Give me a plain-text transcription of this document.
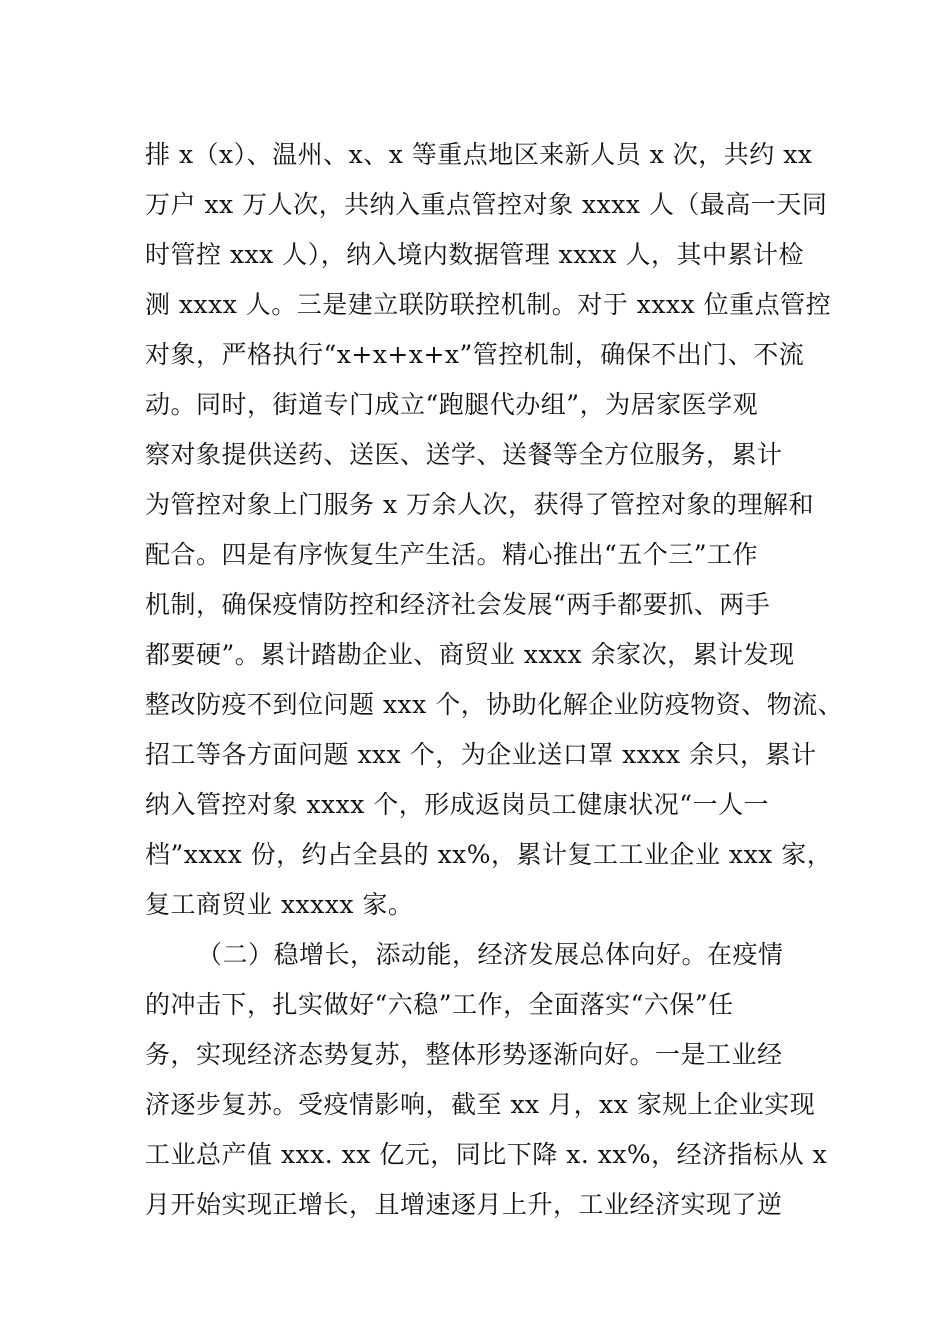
排 x（x）、温州、x、x 等重点地区来新人员 x 次，共约 xx
万户 xx 万人次，共纳入重点管控对象 xxxx 人（最高一天同
时管控 xxx 人），纳入境内数据管理 xxxx 人，其中累计检
测 xxxx 人。三是建立联防联控机制。对于 xxxx 位重点管控
对象，严格执行“x+x+x+x”管控机制，确保不出门、不流
动。同时，街道专门成立“跑腿代办组”，为居家医学观
察对象提供送药、送医、送学、送餐等全方位服务，累计
为管控对象上门服务 x 万余人次，获得了管控对象的理解和
配合。四是有序恢复生产生活。精心推出“五个三”工作
机制，确保疫情防控和经济社会发展“两手都要抓、两手
都要硬”。累计踏勘企业、商贸业 xxxx 余家次，累计发现
整改防疫不到位问题 xxx 个，协助化解企业防疫物资、物流、
招工等各方面问题 xxx 个，为企业送口罩 xxxx 余只，累计
纳入管控对象 xxxx 个，形成返岗员工健康状况“一人一
档”xxxx 份，约占全县的 xx%，累计复工工业企业 xxx 家，
复工商贸业 xxxxx 家。
（二）稳增长，添动能，经济发展总体向好。在疫情
的冲击下，扎实做好“六稳”工作，全面落实“六保”任
务，实现经济态势复苏，整体形势逐渐向好。一是工业经
济逐步复苏。受疫情影响，截至 xx 月，xx 家规上企业实现
工业总产值 xxx. xx 亿元，同比下降 x. xx%，经济指标从 x
月开始实现正增长，且增速逐月上升，工业经济实现了逆
